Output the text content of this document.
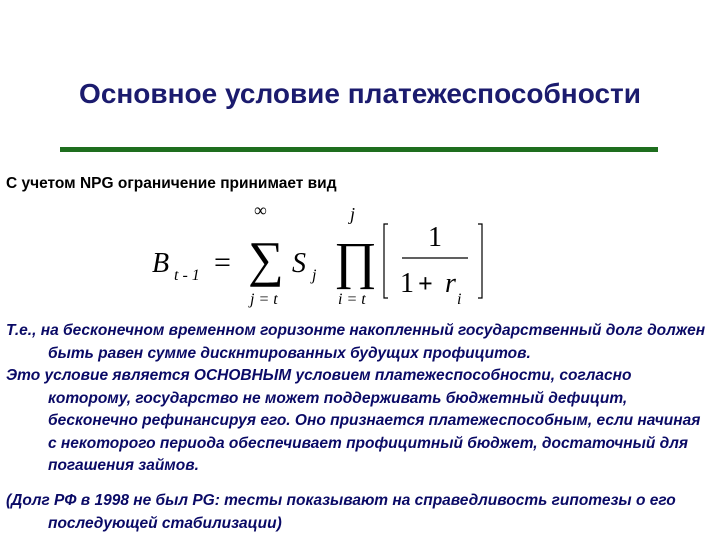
Основное условие платежеспособности
С учетом NPG ограничение принимает вид
B t - 1 =
∞
∑
j = t
S j
j
∏
i = t
1
1 + r
i
Т.е., на бесконечном временном горизонте накопленный государственный долг должен быть равен сумме дискнтированных будущих профицитов.
Это условие является ОСНОВНЫМ условием платежеспособности, согласно которому, государство не может поддерживать бюджетный дефицит, бесконечно рефинансируя его. Оно признается платежеспособным, если начиная с некоторого периода обеспечивает профицитный бюджет, достаточный для погашения займов.
(Долг РФ в 1998 не был PG: тесты показывают на справедливость гипотезы о его последующей стабилизации)
